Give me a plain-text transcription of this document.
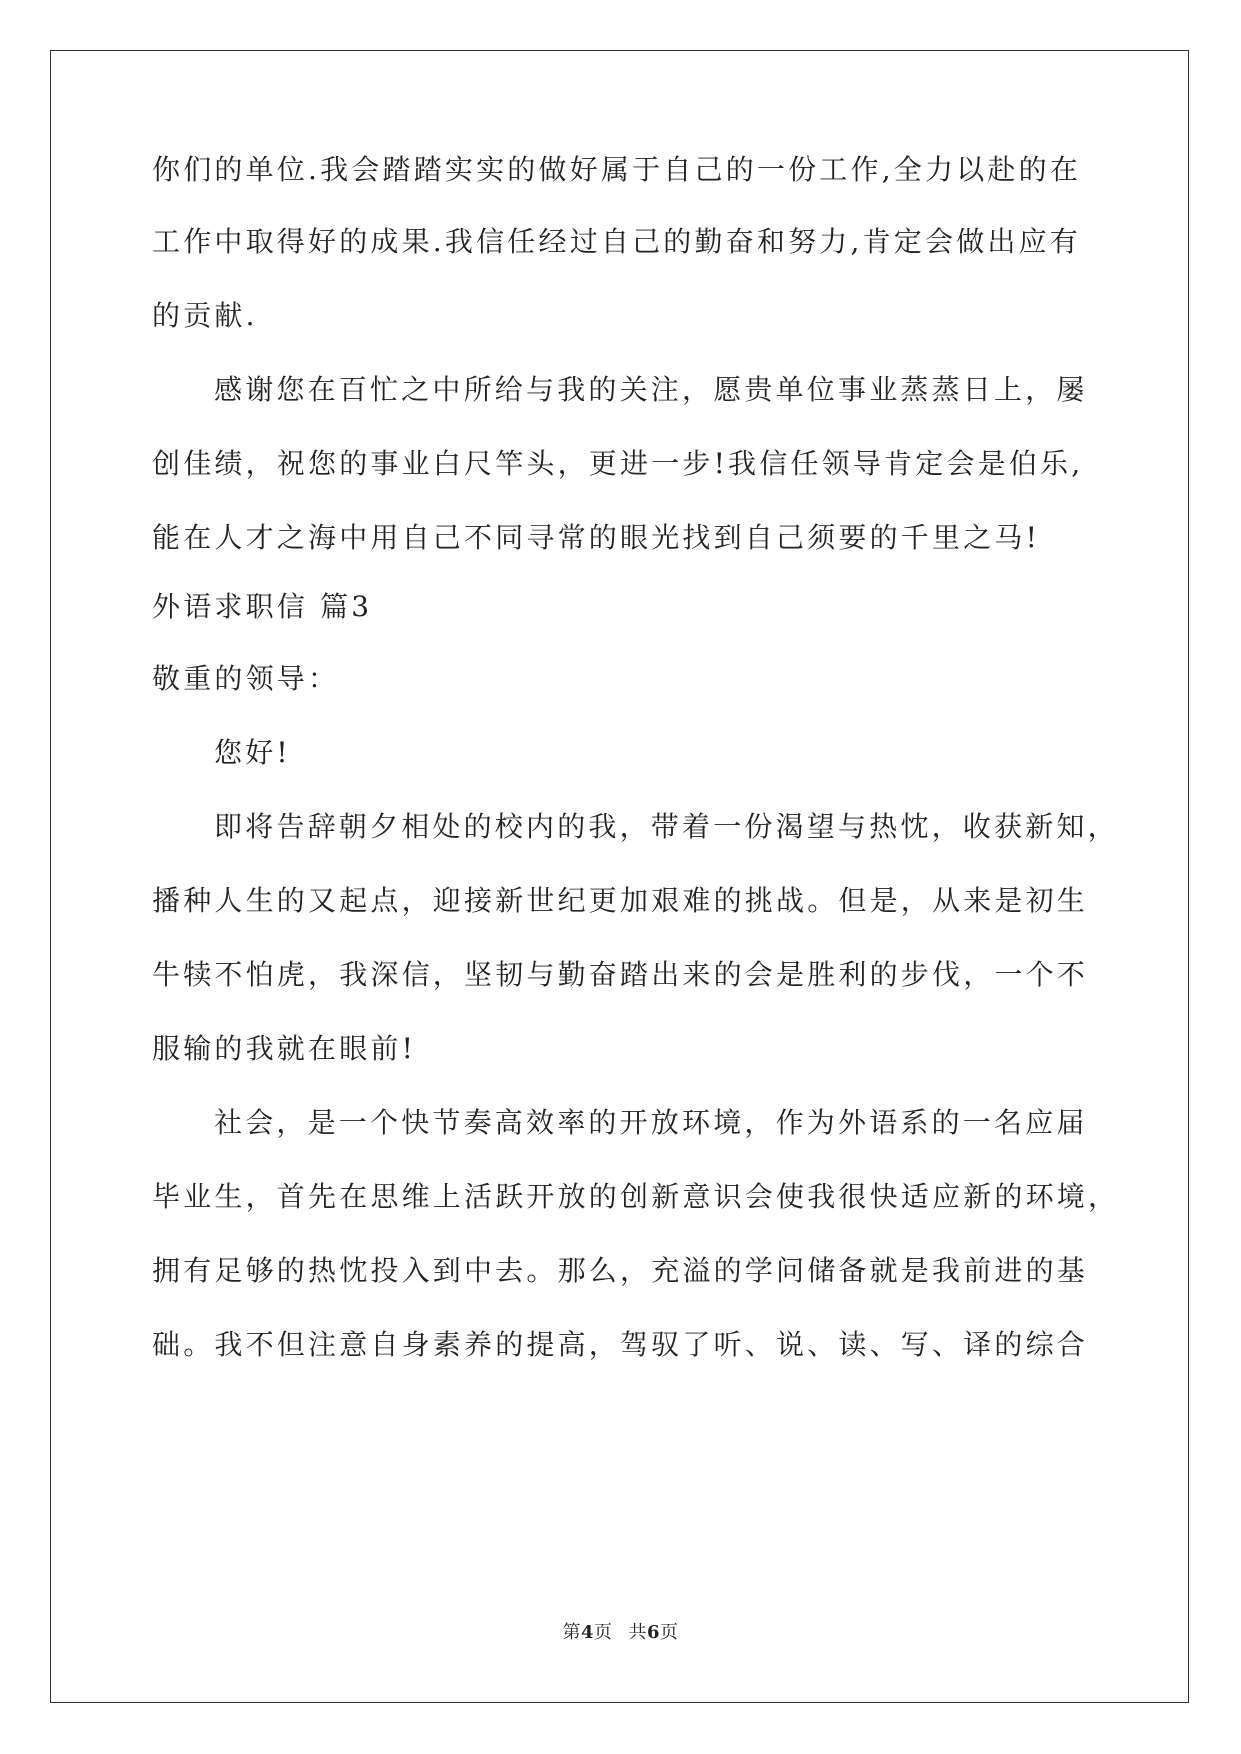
你们的单位.我会踏踏实实的做好属于自己的一份工作,全力以赴的在
工作中取得好的成果.我信任经过自己的勤奋和努力,肯定会做出应有
的贡献.
感谢您在百忙之中所给与我的关注，愿贵单位事业蒸蒸日上，屡
创佳绩，祝您的事业白尺竿头，更进一步!我信任领导肯定会是伯乐,
能在人才之海中用自己不同寻常的眼光找到自己须要的千里之马!
外语求职信 篇3
敬重的领导：
您好!
即将告辞朝夕相处的校内的我，带着一份渴望与热忱，收获新知，
播种人生的又起点，迎接新世纪更加艰难的挑战。但是，从来是初生
牛犊不怕虎，我深信，坚韧与勤奋踏出来的会是胜利的步伐，一个不
服输的我就在眼前!
社会，是一个快节奏高效率的开放环境，作为外语系的一名应届
毕业生，首先在思维上活跃开放的创新意识会使我很快适应新的环境，
拥有足够的热忱投入到中去。那么，充溢的学问储备就是我前进的基
础。我不但注意自身素养的提高，驾驭了听、说、读、写、译的综合
第4页 共6页
